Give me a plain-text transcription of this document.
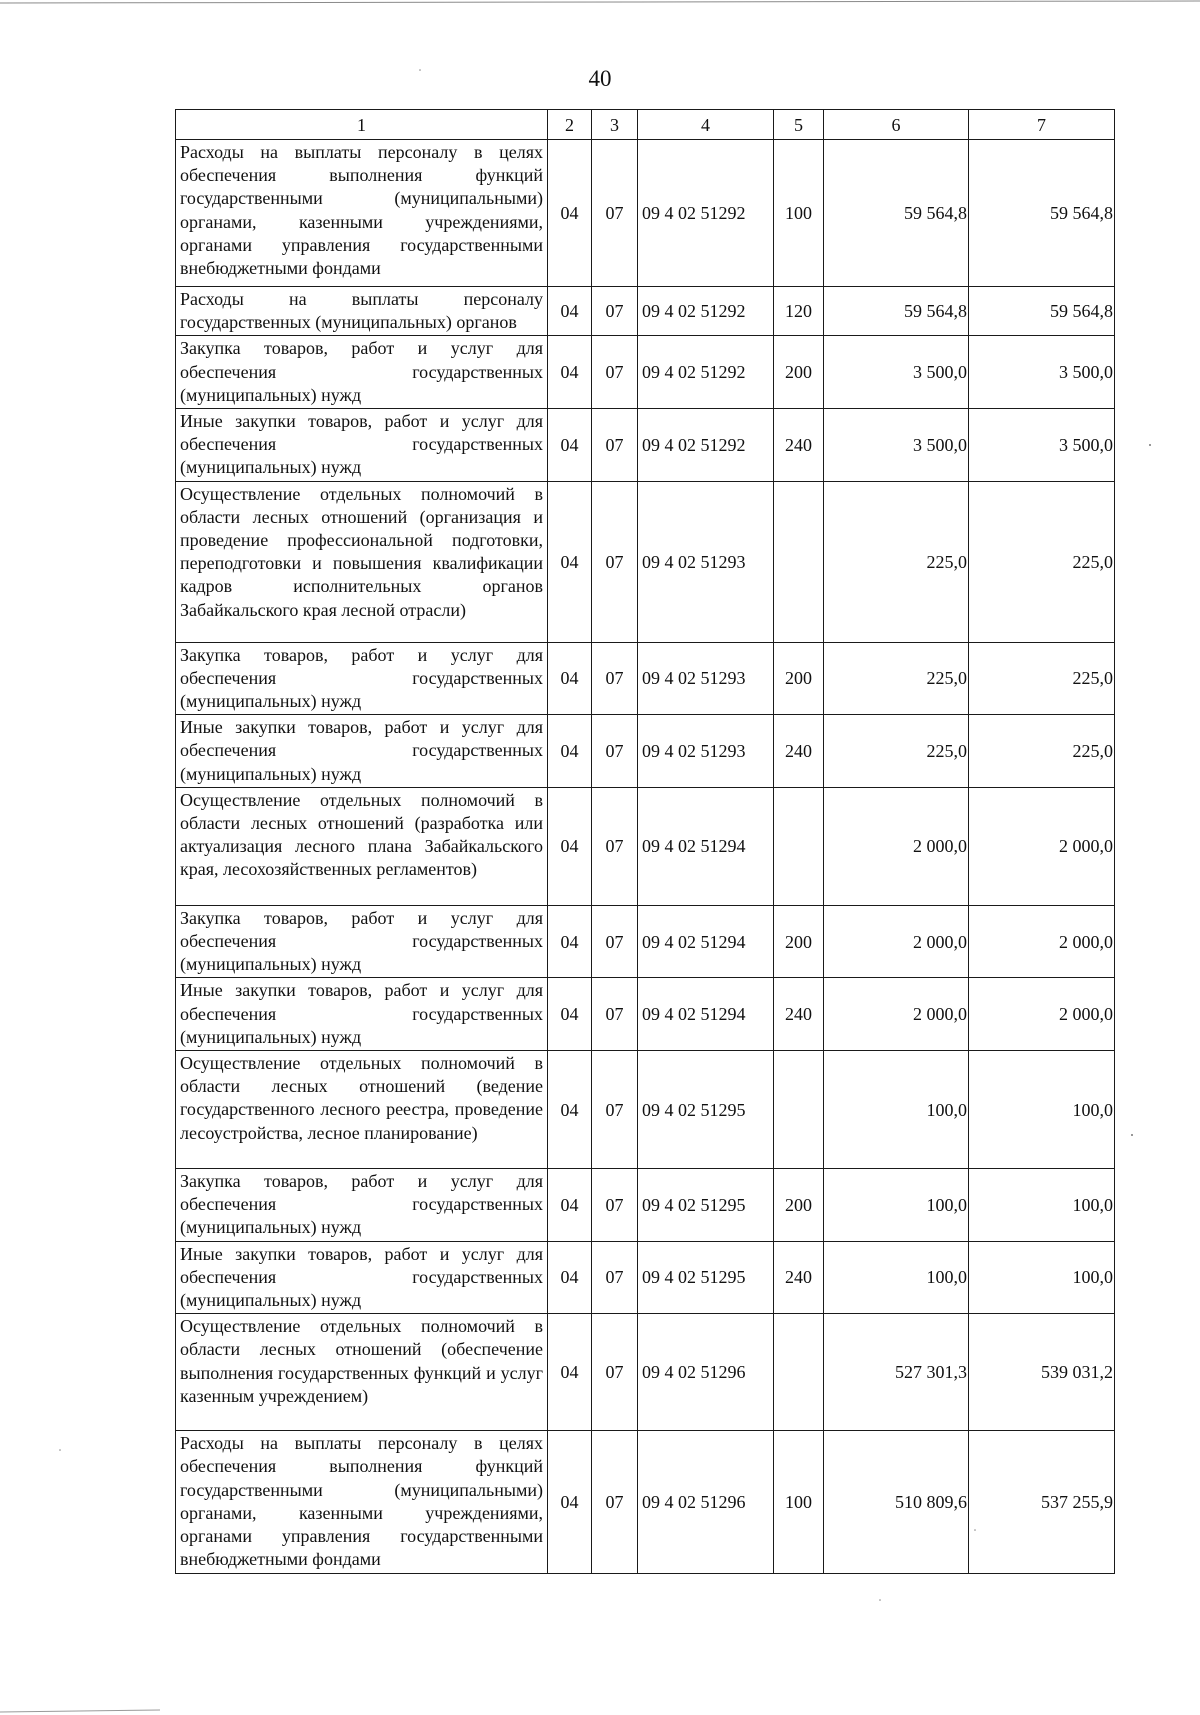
40
1	2	3	4	5	6	7
Расходы на выплаты персоналу в целях обеспечения выполнения функций государственными (муниципальными) органами, казенными учреждениями, органами управления государственными внебюджетными фондами	04	07	09 4 02 51292	100	59 564,8	59 564,8
Расходы на выплаты персоналу государственных (муниципальных) органов	04	07	09 4 02 51292	120	59 564,8	59 564,8
Закупка товаров, работ и услуг для обеспечения государственных (муниципальных) нужд	04	07	09 4 02 51292	200	3 500,0	3 500,0
Иные закупки товаров, работ и услуг для обеспечения государственных (муниципальных) нужд	04	07	09 4 02 51292	240	3 500,0	3 500,0
Осуществление отдельных полномочий в области лесных отношений (организация и проведение профессиональной подготовки, переподготовки и повышения квалификации кадров исполнительных органов Забайкальского края лесной отрасли)	04	07	09 4 02 51293		225,0	225,0
Закупка товаров, работ и услуг для обеспечения государственных (муниципальных) нужд	04	07	09 4 02 51293	200	225,0	225,0
Иные закупки товаров, работ и услуг для обеспечения государственных (муниципальных) нужд	04	07	09 4 02 51293	240	225,0	225,0
Осуществление отдельных полномочий в области лесных отношений (разработка или актуализация лесного плана Забайкальского края, лесохозяйственных регламентов)	04	07	09 4 02 51294		2 000,0	2 000,0
Закупка товаров, работ и услуг для обеспечения государственных (муниципальных) нужд	04	07	09 4 02 51294	200	2 000,0	2 000,0
Иные закупки товаров, работ и услуг для обеспечения государственных (муниципальных) нужд	04	07	09 4 02 51294	240	2 000,0	2 000,0
Осуществление отдельных полномочий в области лесных отношений (ведение государственного лесного реестра, проведение лесоустройства, лесное планирование)	04	07	09 4 02 51295		100,0	100,0
Закупка товаров, работ и услуг для обеспечения государственных (муниципальных) нужд	04	07	09 4 02 51295	200	100,0	100,0
Иные закупки товаров, работ и услуг для обеспечения государственных (муниципальных) нужд	04	07	09 4 02 51295	240	100,0	100,0
Осуществление отдельных полномочий в области лесных отношений (обеспечение выполнения государственных функций и услуг казенным учреждением)	04	07	09 4 02 51296		527 301,3	539 031,2
Расходы на выплаты персоналу в целях обеспечения выполнения функций государственными (муниципальными) органами, казенными учреждениями, органами управления государственными внебюджетными фондами	04	07	09 4 02 51296	100	510 809,6	537 255,9
